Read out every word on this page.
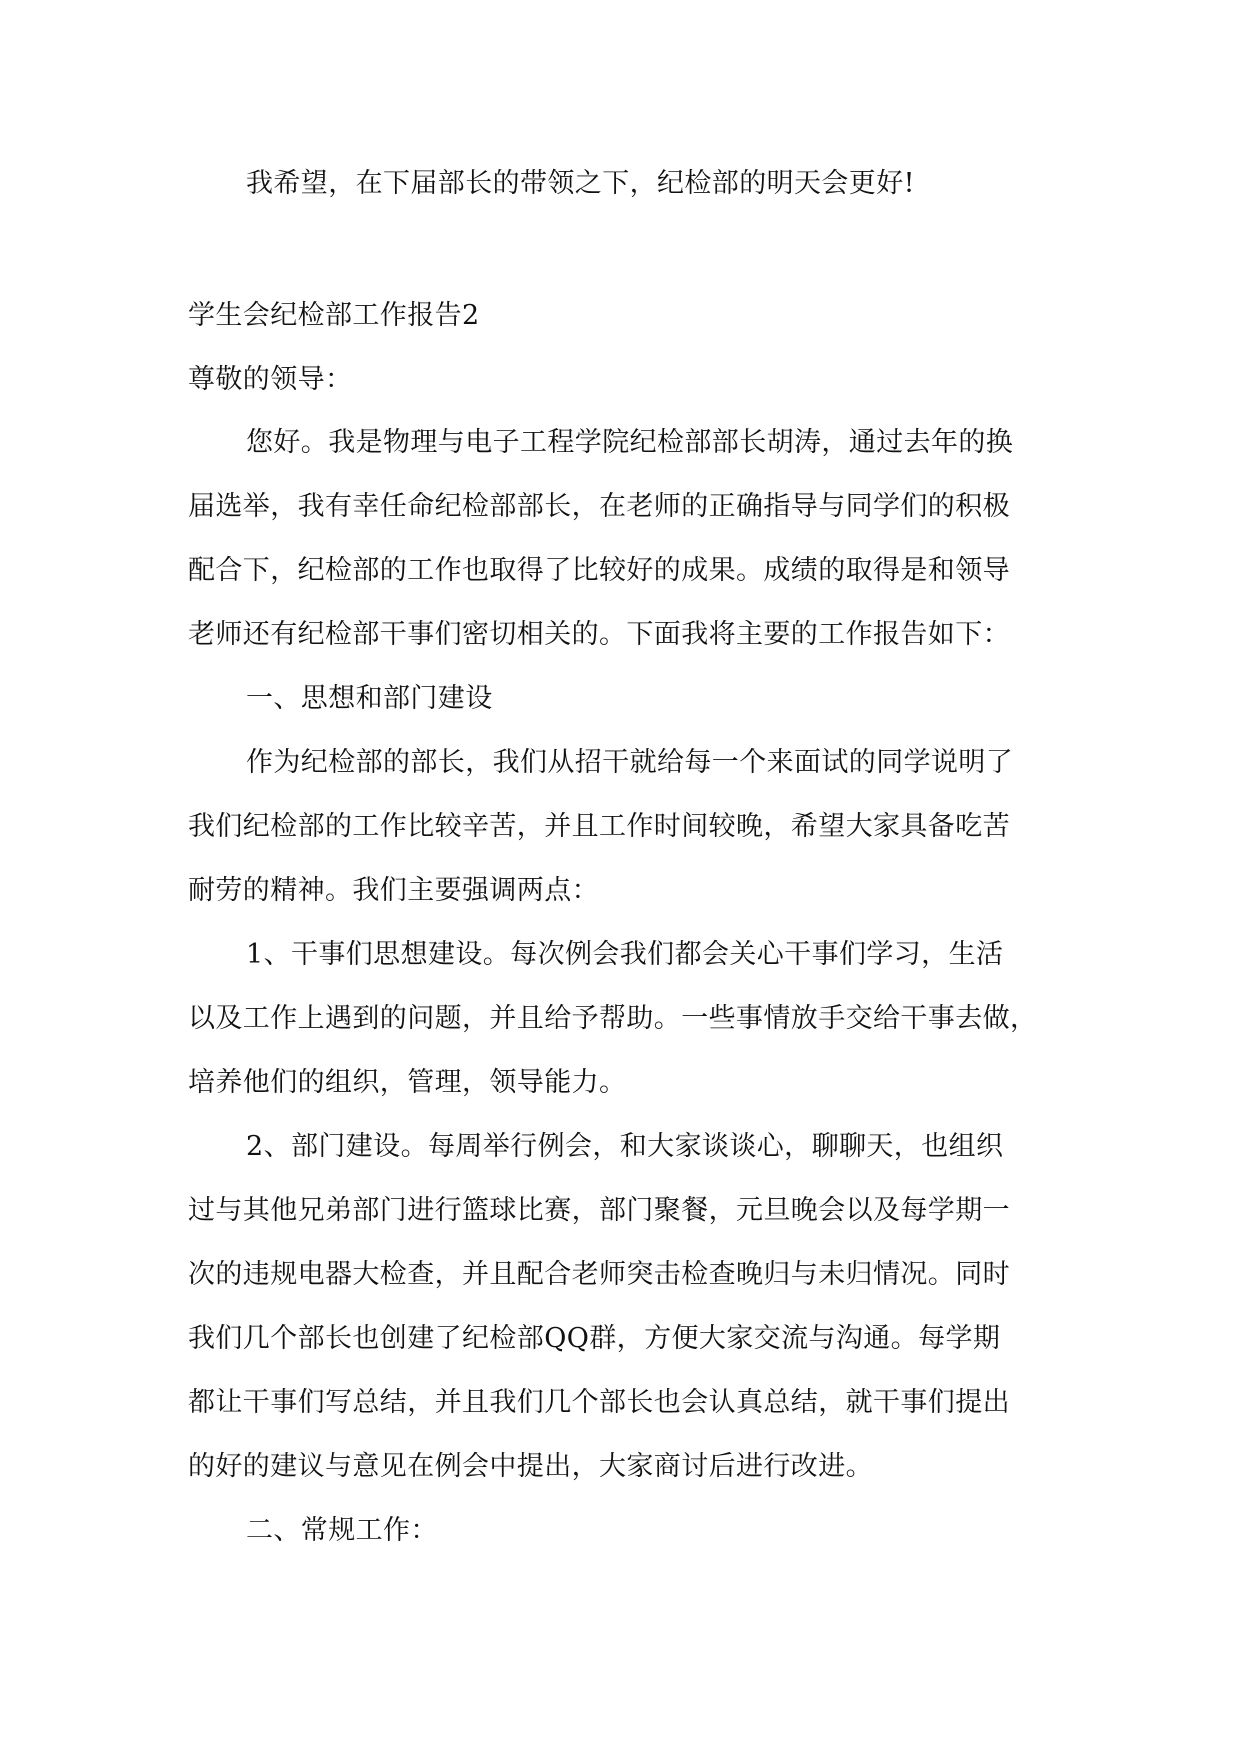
我希望，在下届部长的带领之下，纪检部的明天会更好!
学生会纪检部工作报告2
尊敬的领导：
您好。我是物理与电子工程学院纪检部部长胡涛，通过去年的换
届选举，我有幸任命纪检部部长，在老师的正确指导与同学们的积极
配合下，纪检部的工作也取得了比较好的成果。成绩的取得是和领导
老师还有纪检部干事们密切相关的。下面我将主要的工作报告如下：
一、思想和部门建设
作为纪检部的部长，我们从招干就给每一个来面试的同学说明了
我们纪检部的工作比较辛苦，并且工作时间较晚，希望大家具备吃苦
耐劳的精神。我们主要强调两点：
1、干事们思想建设。每次例会我们都会关心干事们学习，生活
以及工作上遇到的问题，并且给予帮助。一些事情放手交给干事去做，
培养他们的组织，管理，领导能力。
2、部门建设。每周举行例会，和大家谈谈心，聊聊天，也组织
过与其他兄弟部门进行篮球比赛，部门聚餐，元旦晚会以及每学期一
次的违规电器大检查，并且配合老师突击检查晚归与未归情况。同时
我们几个部长也创建了纪检部QQ群，方便大家交流与沟通。每学期
都让干事们写总结，并且我们几个部长也会认真总结，就干事们提出
的好的建议与意见在例会中提出，大家商讨后进行改进。
二、常规工作：
